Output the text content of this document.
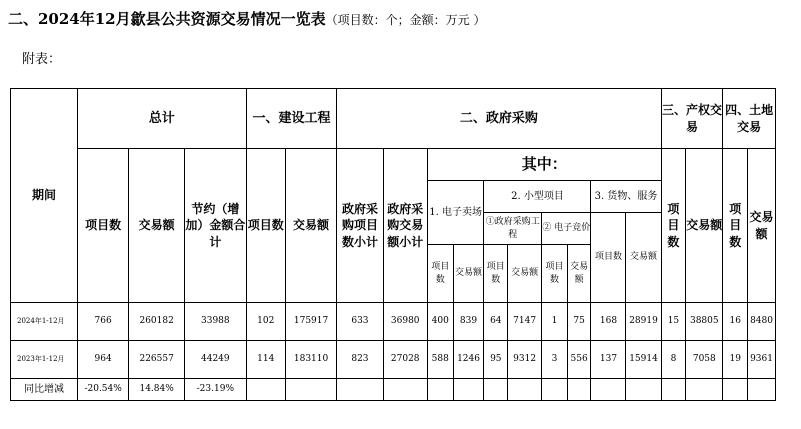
二、2024年12月歙县公共资源交易情况一览表（项目数：个；金额：万元 ）
附表：
期间	总计			一、建设工程		二、政府采购										三、产权交易		四、土地交易	
	项目数	交易额	节约（增加）金额合计	项目数	交易额	政府采购项目数小计	政府采购交易额小计	其中：								项目数	交易额	项目数	交易额
								1. 电子卖场		2. 小型项目				3. 货物、服务					
										①政府采购工程		② 电子竞价		项目数	交易额				
								项目数	交易额	项目数	交易额	项目数	交易额						
2024年1-12月	766	260182	33988	102	175917	633	36980	400	839	64	7147	1	75	168	28919	15	38805	16	8480
2023年1-12月	964	226557	44249	114	183110	823	27028	588	1246	95	9312	3	556	137	15914	8	7058	19	9361
同比增减	-20.54%	14.84%	-23.19%																
